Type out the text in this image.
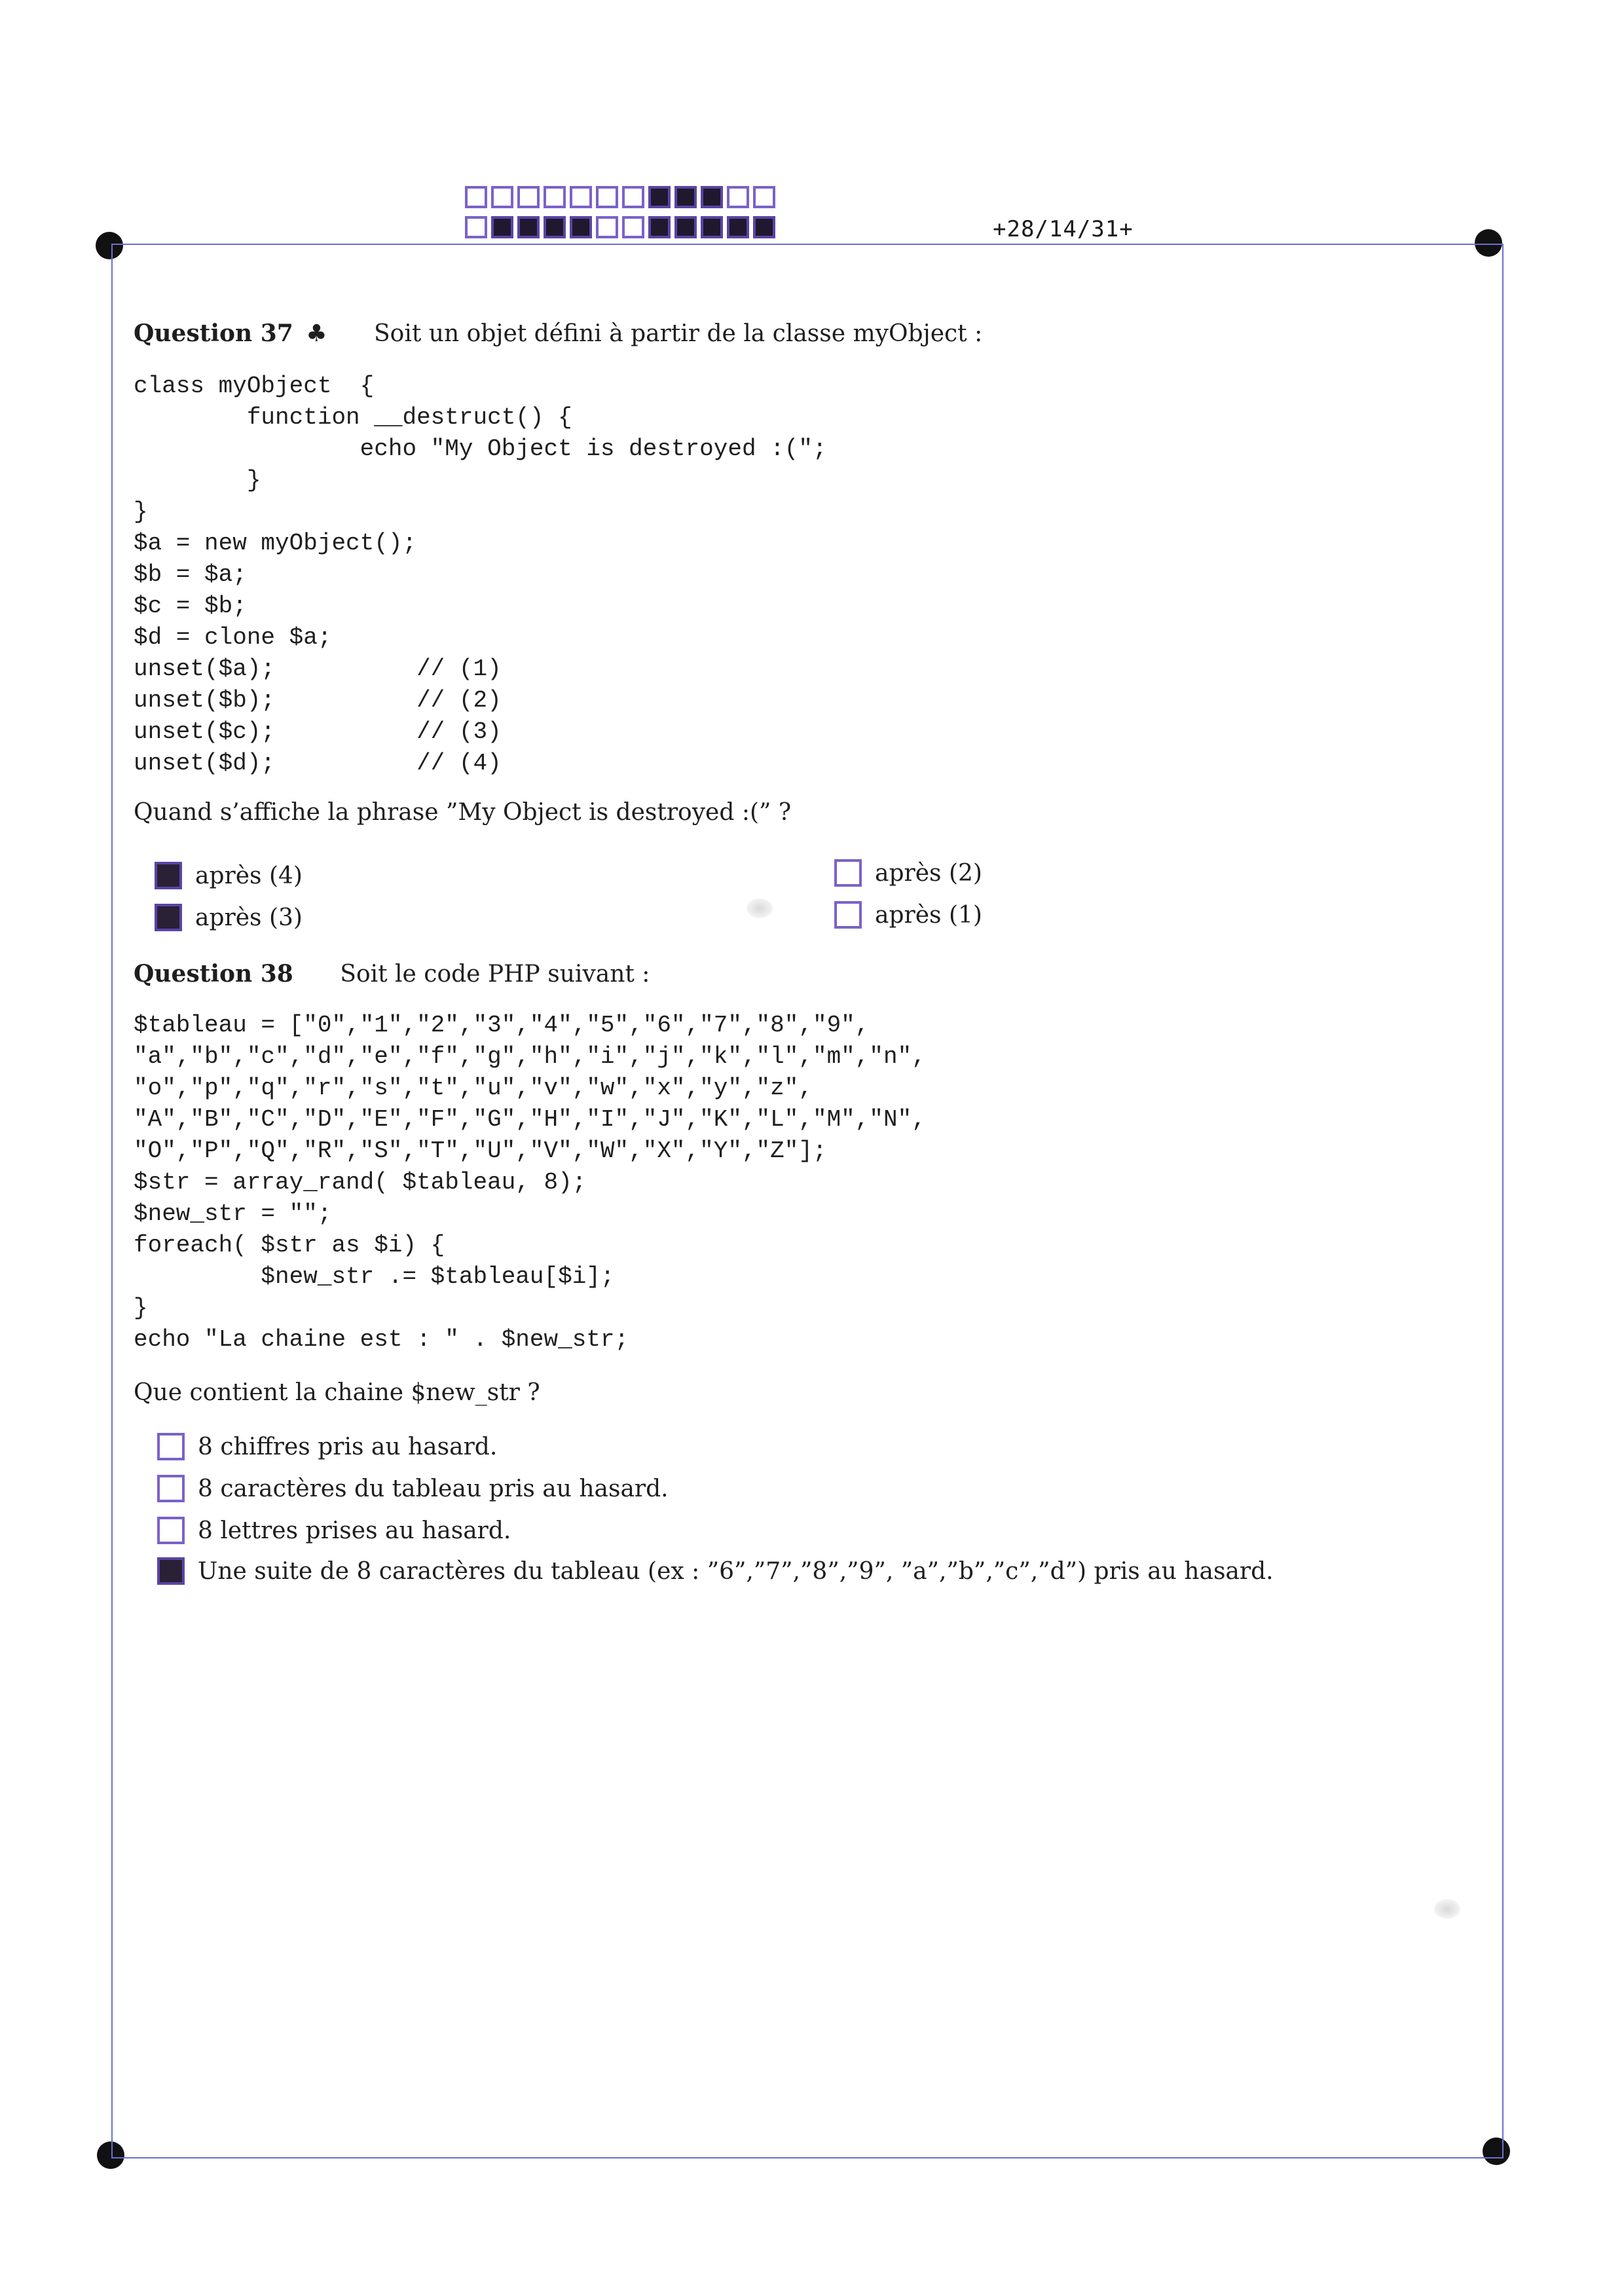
+28/14/31+
Question 37 ♣ Soit un objet défini à partir de la classe myObject :
class myObject  {
function __destruct() {
echo "My Object is destroyed :(";
}
}
$a = new myObject();
$b = $a;
$c = $b;
$d = clone $a;
unset($a);          // (1)
unset($b);          // (2)
unset($c);          // (3)
unset($d);          // (4)
Quand s’affiche la phrase ”My Object is destroyed :(” ?
après (4)
après (3)
après (2)
après (1)
Question 38 Soit le code PHP suivant :
$tableau = ["0","1","2","3","4","5","6","7","8","9",
"a","b","c","d","e","f","g","h","i","j","k","l","m","n",
"o","p","q","r","s","t","u","v","w","x","y","z",
"A","B","C","D","E","F","G","H","I","J","K","L","M","N",
"O","P","Q","R","S","T","U","V","W","X","Y","Z"];
$str = array_rand( $tableau, 8);
$new_str = "";
foreach( $str as $i) {
$new_str .= $tableau[$i];
}
echo "La chaine est : " . $new_str;
Que contient la chaine $new_str ?
8 chiffres pris au hasard.
8 caractères du tableau pris au hasard.
8 lettres prises au hasard.
Une suite de 8 caractères du tableau (ex : ”6”,”7”,”8”,”9”, ”a”,”b”,”c”,”d”) pris au hasard.
